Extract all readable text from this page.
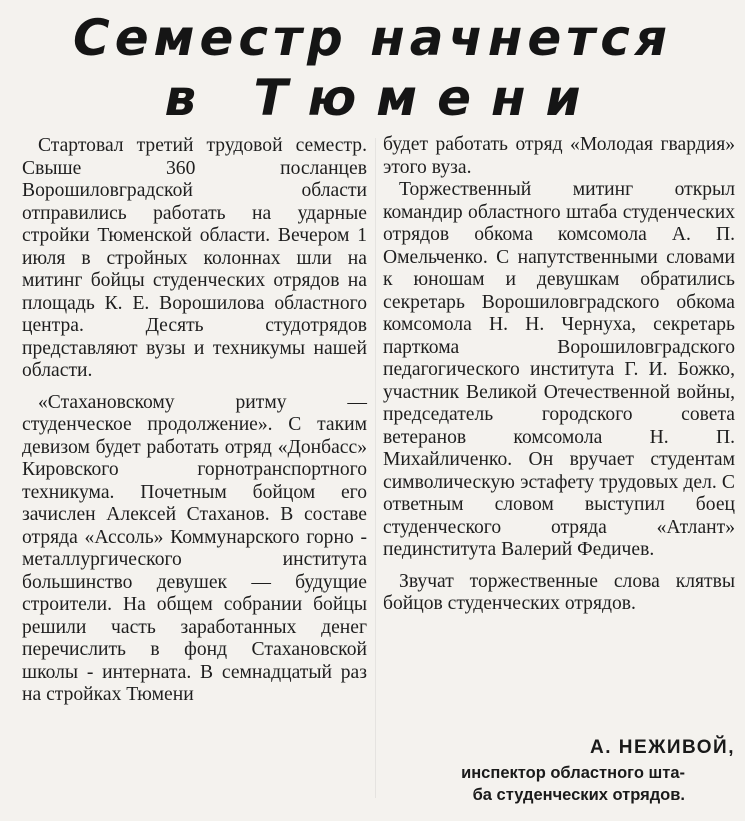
Семестр начнется
в Тюмени

Стартовал третий трудовой семестр. Свыше 360 посланцев Ворошиловградской области отправились работать на ударные стройки Тюменской области. Вечером 1 июля в стройных колоннах шли на митинг бойцы студенческих отрядов на площадь К. Е. Ворошилова областного центра. Десять студотрядов представляют вузы и техникумы нашей области.

«Стахановскому ритму — студенческое продолжение». С таким девизом будет работать отряд «Донбасс» Кировского горнотранспортного техникума. Почетным бойцом его зачислен Алексей Стаханов. В составе отряда «Ассоль» Коммунарского горно - металлургического института большинство девушек — будущие строители. На общем собрании бойцы решили часть заработанных денег перечислить в фонд Стахановской школы - интерната. В семнадцатый раз на стройках Тюмени

будет работать отряд «Молодая гвардия» этого вуза.

Торжественный митинг открыл командир областного штаба студенческих отрядов обкома комсомола А. П. Омельченко. С напутственными словами к юношам и девушкам обратились секретарь Ворошиловградского обкома комсомола Н. Н. Чернуха, секретарь парткома Ворошиловградского педагогического института Г. И. Божко, участник Великой Отечественной войны, председатель городского совета ветеранов комсомола Н. П. Михайличенко. Он вручает студентам символическую эстафету трудовых дел. С ответным словом выступил боец студенческого отряда «Атлант» пединститута Валерий Федичев.

Звучат торжественные слова клятвы бойцов студенческих отрядов.

А. НЕЖИВОЙ,
инспектор областного шта-
ба студенческих отрядов.
